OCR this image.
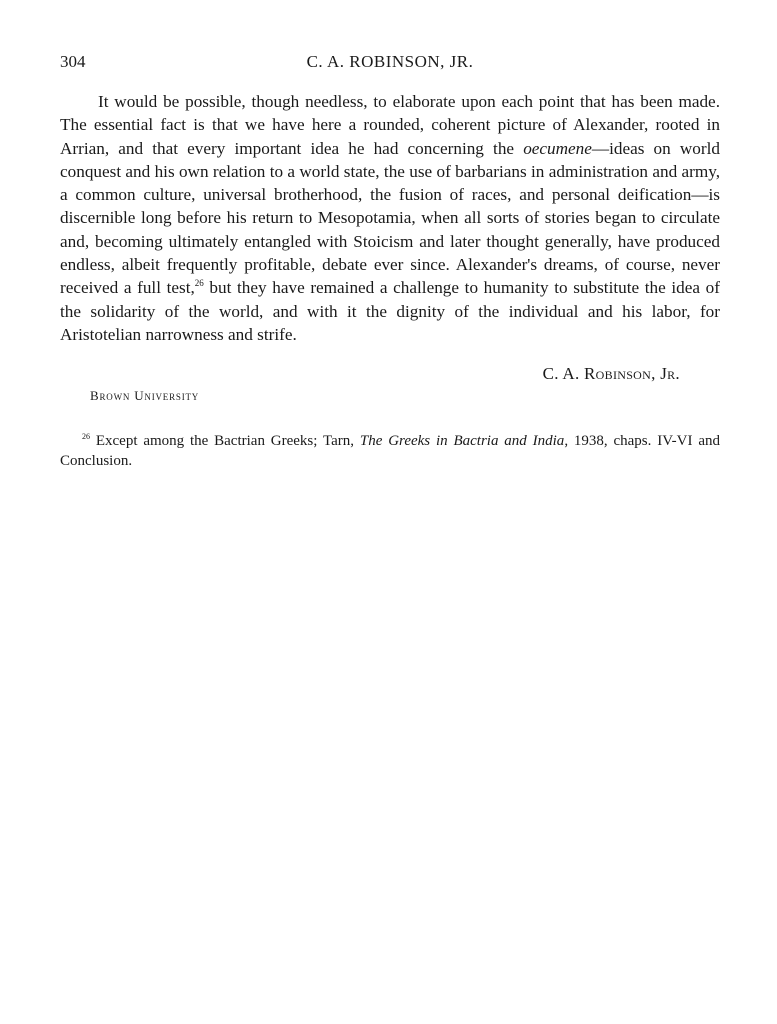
304	C. A. ROBINSON, JR.

It would be possible, though needless, to elaborate upon each point that has been made. The essential fact is that we have here a rounded, coherent picture of Alexander, rooted in Arrian, and that every important idea he had concerning the oecumene—ideas on world conquest and his own relation to a world state, the use of barbarians in administration and army, a common culture, universal brotherhood, the fusion of races, and personal deification—is discernible long before his return to Mesopotamia, when all sorts of stories began to circulate and, becoming ultimately entangled with Stoicism and later thought generally, have produced endless, albeit frequently profitable, debate ever since. Alexander's dreams, of course, never received a full test,$^{26}$ but they have remained a challenge to humanity to substitute the idea of the solidarity of the world, and with it the dignity of the individual and his labor, for Aristotelian narrowness and strife.

C. A. Robinson, Jr.
Brown University

$^{26}$ Except among the Bactrian Greeks; Tarn, The Greeks in Bactria and India, 1938, chaps. IV-VI and Conclusion.
